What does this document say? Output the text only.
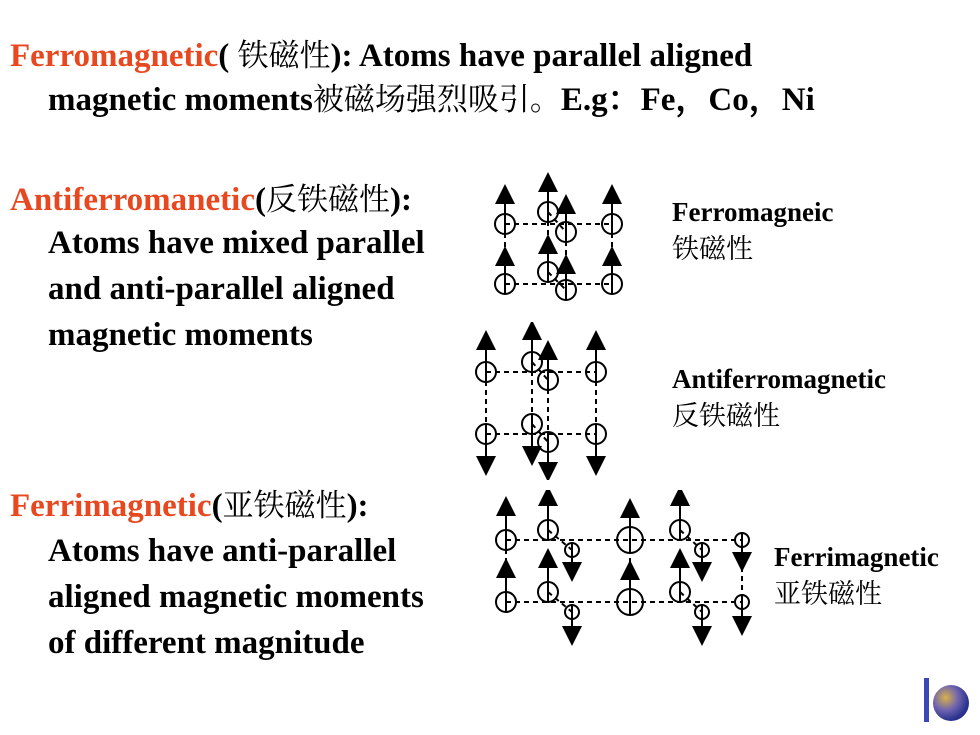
Ferromagnetic( 铁磁性): Atoms have parallel aligned
magnetic moments被磁场强烈吸引。E.g：Fe，Co，Ni
Antiferromanetic(反铁磁性):
Atoms have mixed parallel
and anti-parallel aligned
magnetic moments
Ferrimagnetic(亚铁磁性):
Atoms have anti-parallel
aligned magnetic moments
of different magnitude
Ferromagneic
铁磁性
Antiferromagnetic
反铁磁性
Ferrimagnetic
亚铁磁性
